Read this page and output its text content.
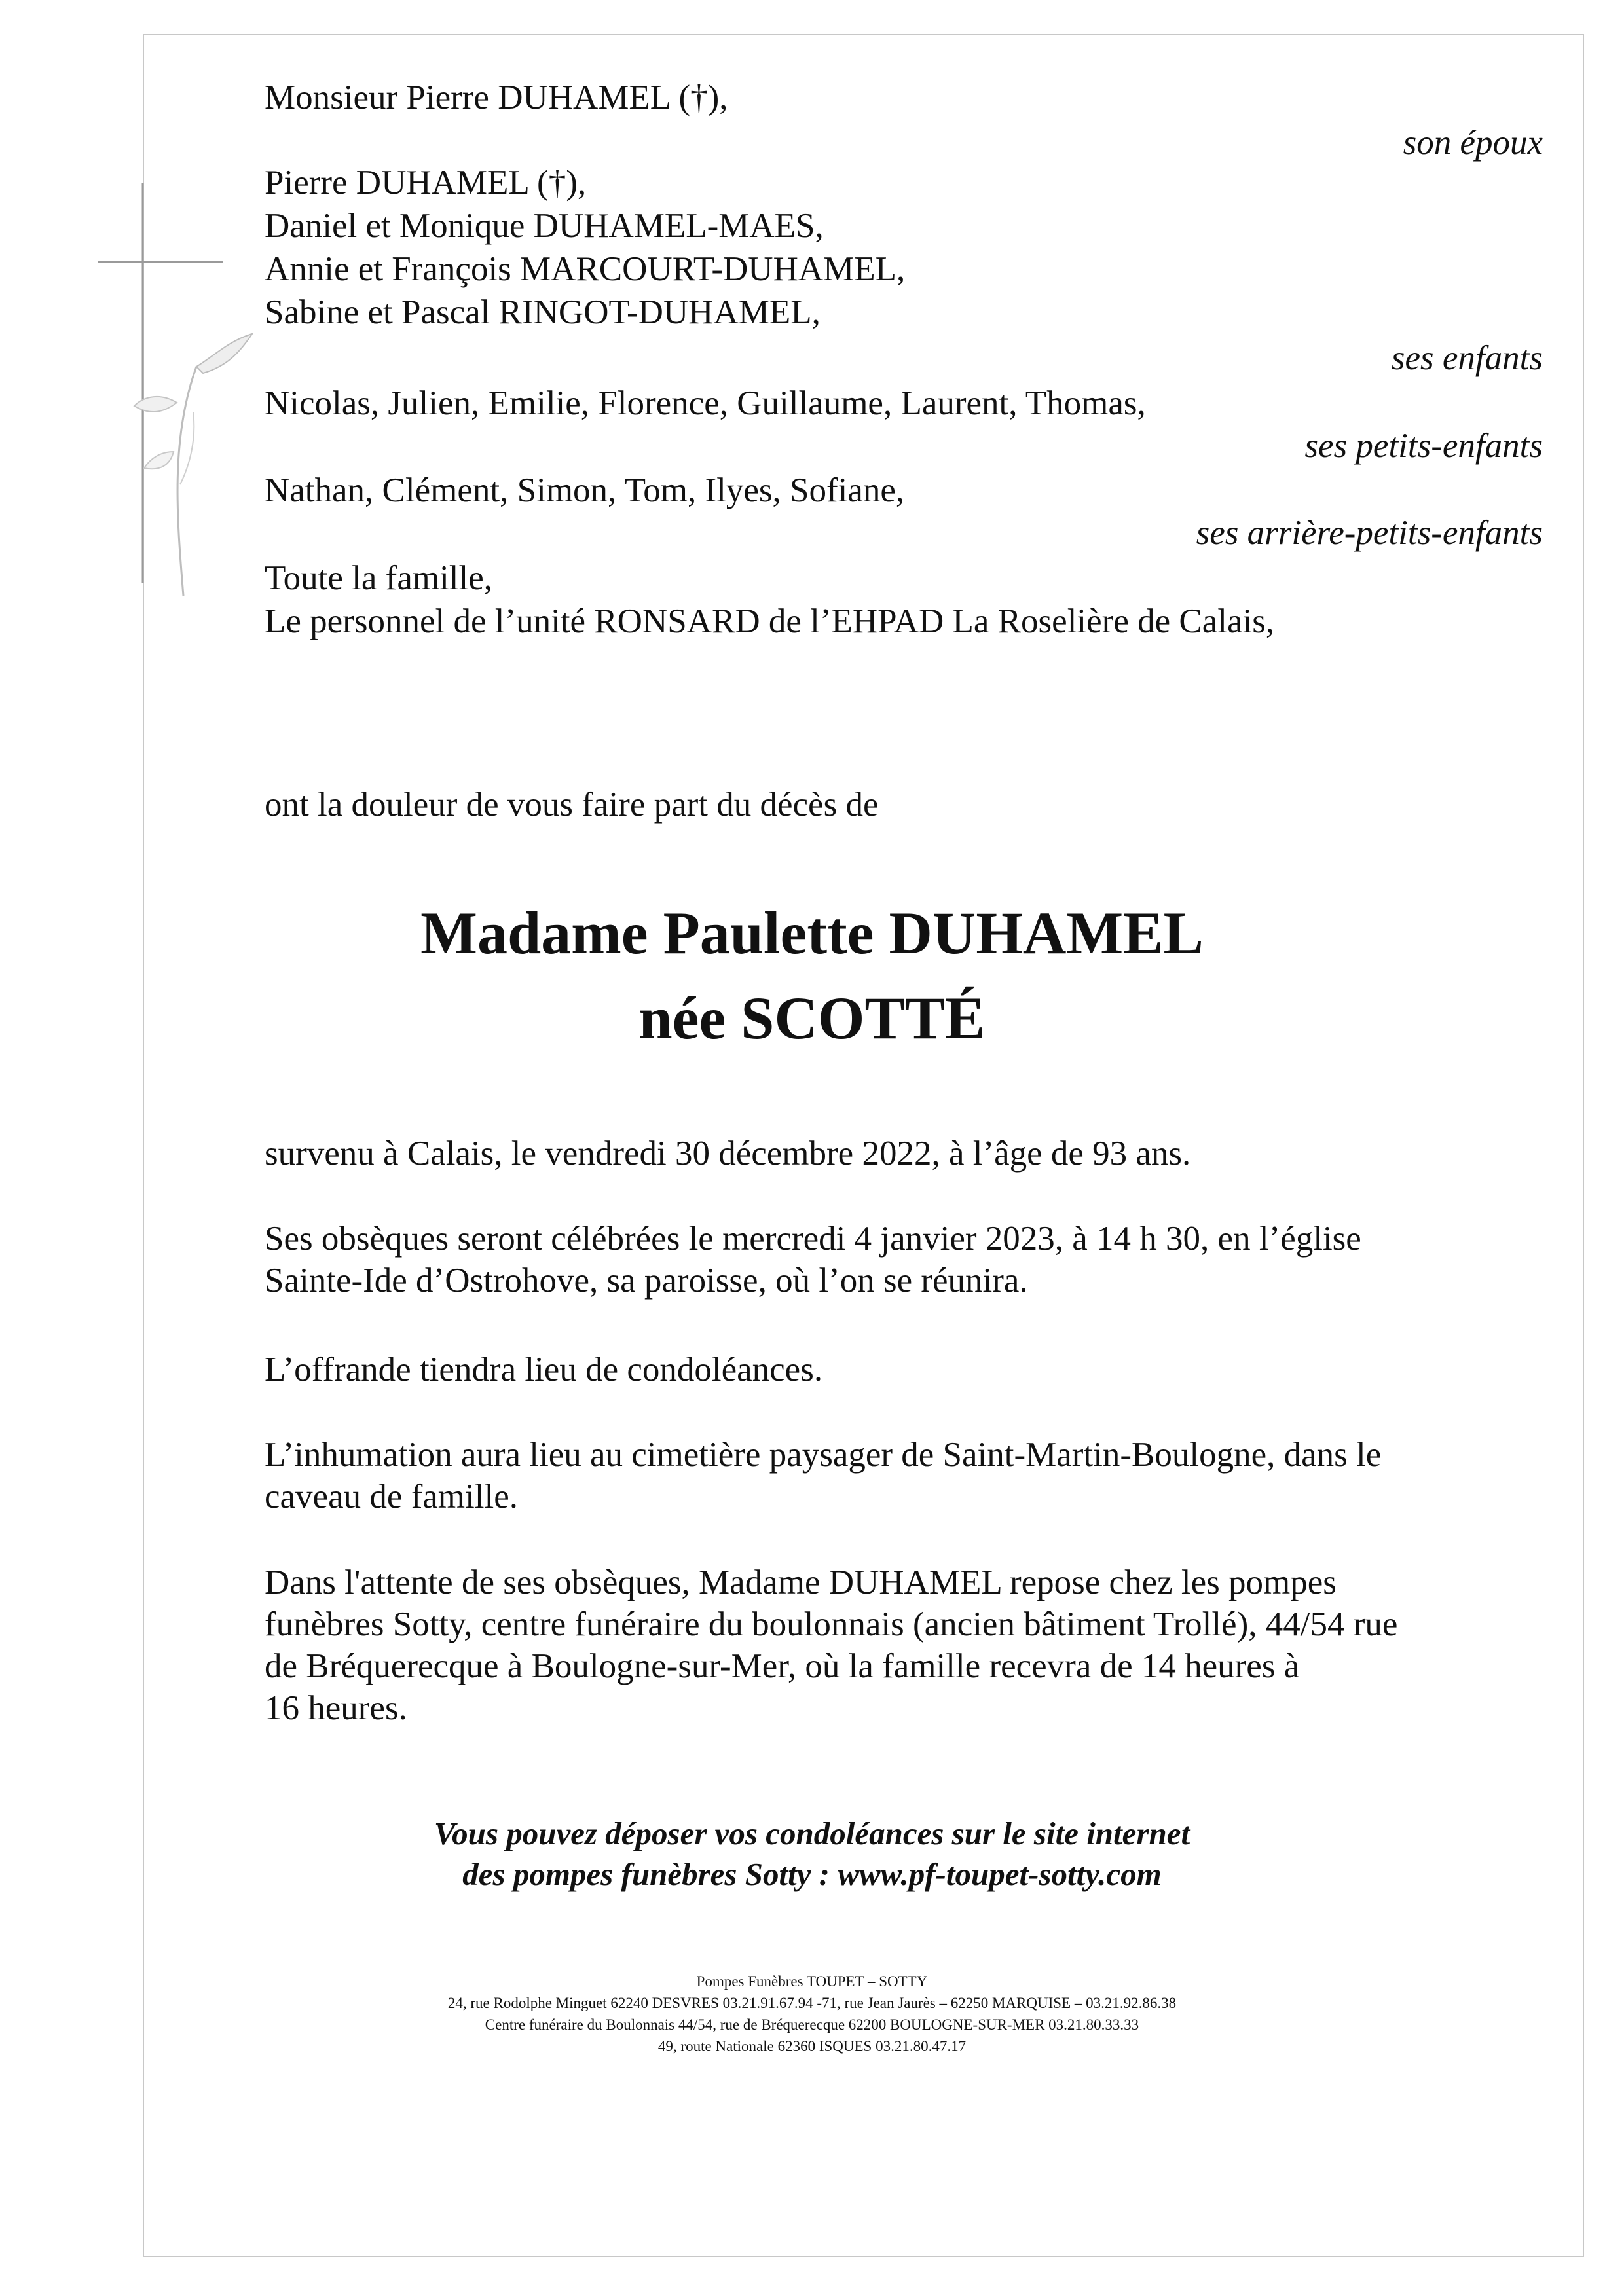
Monsieur Pierre DUHAMEL (†),
son époux
Pierre DUHAMEL (†),
Daniel et Monique DUHAMEL-MAES,
Annie et François MARCOURT-DUHAMEL,
Sabine et Pascal RINGOT-DUHAMEL,
ses enfants
Nicolas, Julien, Emilie, Florence, Guillaume, Laurent, Thomas,
ses petits-enfants
Nathan, Clément, Simon, Tom, Ilyes, Sofiane,
ses arrière-petits-enfants
Toute la famille,
Le personnel de l’unité RONSARD de l’EHPAD La Roselière de Calais,
ont la douleur de vous faire part du décès de
Madame Paulette DUHAMEL
née SCOTTÉ
survenu à Calais, le vendredi 30 décembre 2022, à l’âge de 93 ans.
Ses obsèques seront célébrées le mercredi 4 janvier 2023, à 14 h 30, en l’église
Sainte-Ide d’Ostrohove, sa paroisse, où l’on se réunira.
L’offrande tiendra lieu de condoléances.
L’inhumation aura lieu au cimetière paysager de Saint-Martin-Boulogne, dans le
caveau de famille.
Dans l'attente de ses obsèques, Madame DUHAMEL repose chez les pompes
funèbres Sotty, centre funéraire du boulonnais (ancien bâtiment Trollé), 44/54 rue
de Bréquerecque à Boulogne-sur-Mer, où la famille recevra de 14 heures à
16 heures.
Vous pouvez déposer vos condoléances sur le site internet
des pompes funèbres Sotty : www.pf-toupet-sotty.com
Pompes Funèbres TOUPET – SOTTY
24, rue Rodolphe Minguet 62240 DESVRES 03.21.91.67.94 -71, rue Jean Jaurès – 62250 MARQUISE – 03.21.92.86.38
Centre funéraire du Boulonnais 44/54, rue de Bréquerecque 62200 BOULOGNE-SUR-MER 03.21.80.33.33
49, route Nationale 62360 ISQUES 03.21.80.47.17
